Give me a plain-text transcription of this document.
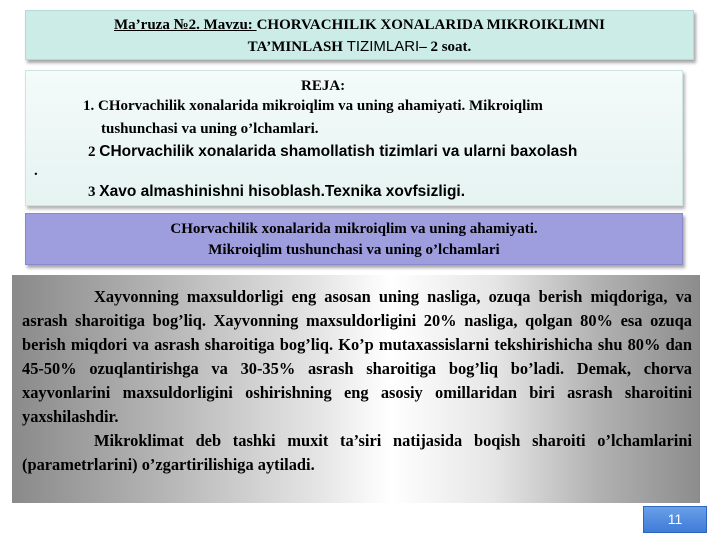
Ma’ruza №2. Mavzu: CHORVACHILIK XONALARIDA MIKROIKLIMNI
TA’MINLASH TIZIMLARI– 2 soat.
REJA:
1. CHorvachilik xonalarida mikroiqlim va uning ahamiyati. Mikroiqlim
tushunchasi va uning o’lchamlari.
2 CHorvachilik xonalarida shamollatish tizimlari va ularni baxolash
.
3 Xavo almashinishni hisoblash.Texnika xovfsizligi.
CHorvachilik xonalarida mikroiqlim va uning ahamiyati.
Mikroiqlim tushunchasi va uning o’lchamlari

Xayvonning maxsuldorligi eng asosan uning nasliga, ozuqa berish miqdoriga, va asrash sharoitiga bog’liq. Xayvonning maxsuldorligini 20% nasliga, qolgan 80% esa ozuqa berish miqdori va asrash sharoitiga bog’liq. Ko’p mutaxassislarni tekshirishicha shu 80% dan 45-50% ozuqlantirishga va 30-35% asrash sharoitiga bog’liq bo’ladi. Demak, chorva xayvonlarini maxsuldorligini oshirishning eng asosiy omillaridan biri asrash sharoitini yaxshilashdir.

Mikroklimat deb tashki muxit ta’siri natijasida boqish sharoiti o’lchamlarini (parametrlarini) o’zgartirilishiga aytiladi.

11
